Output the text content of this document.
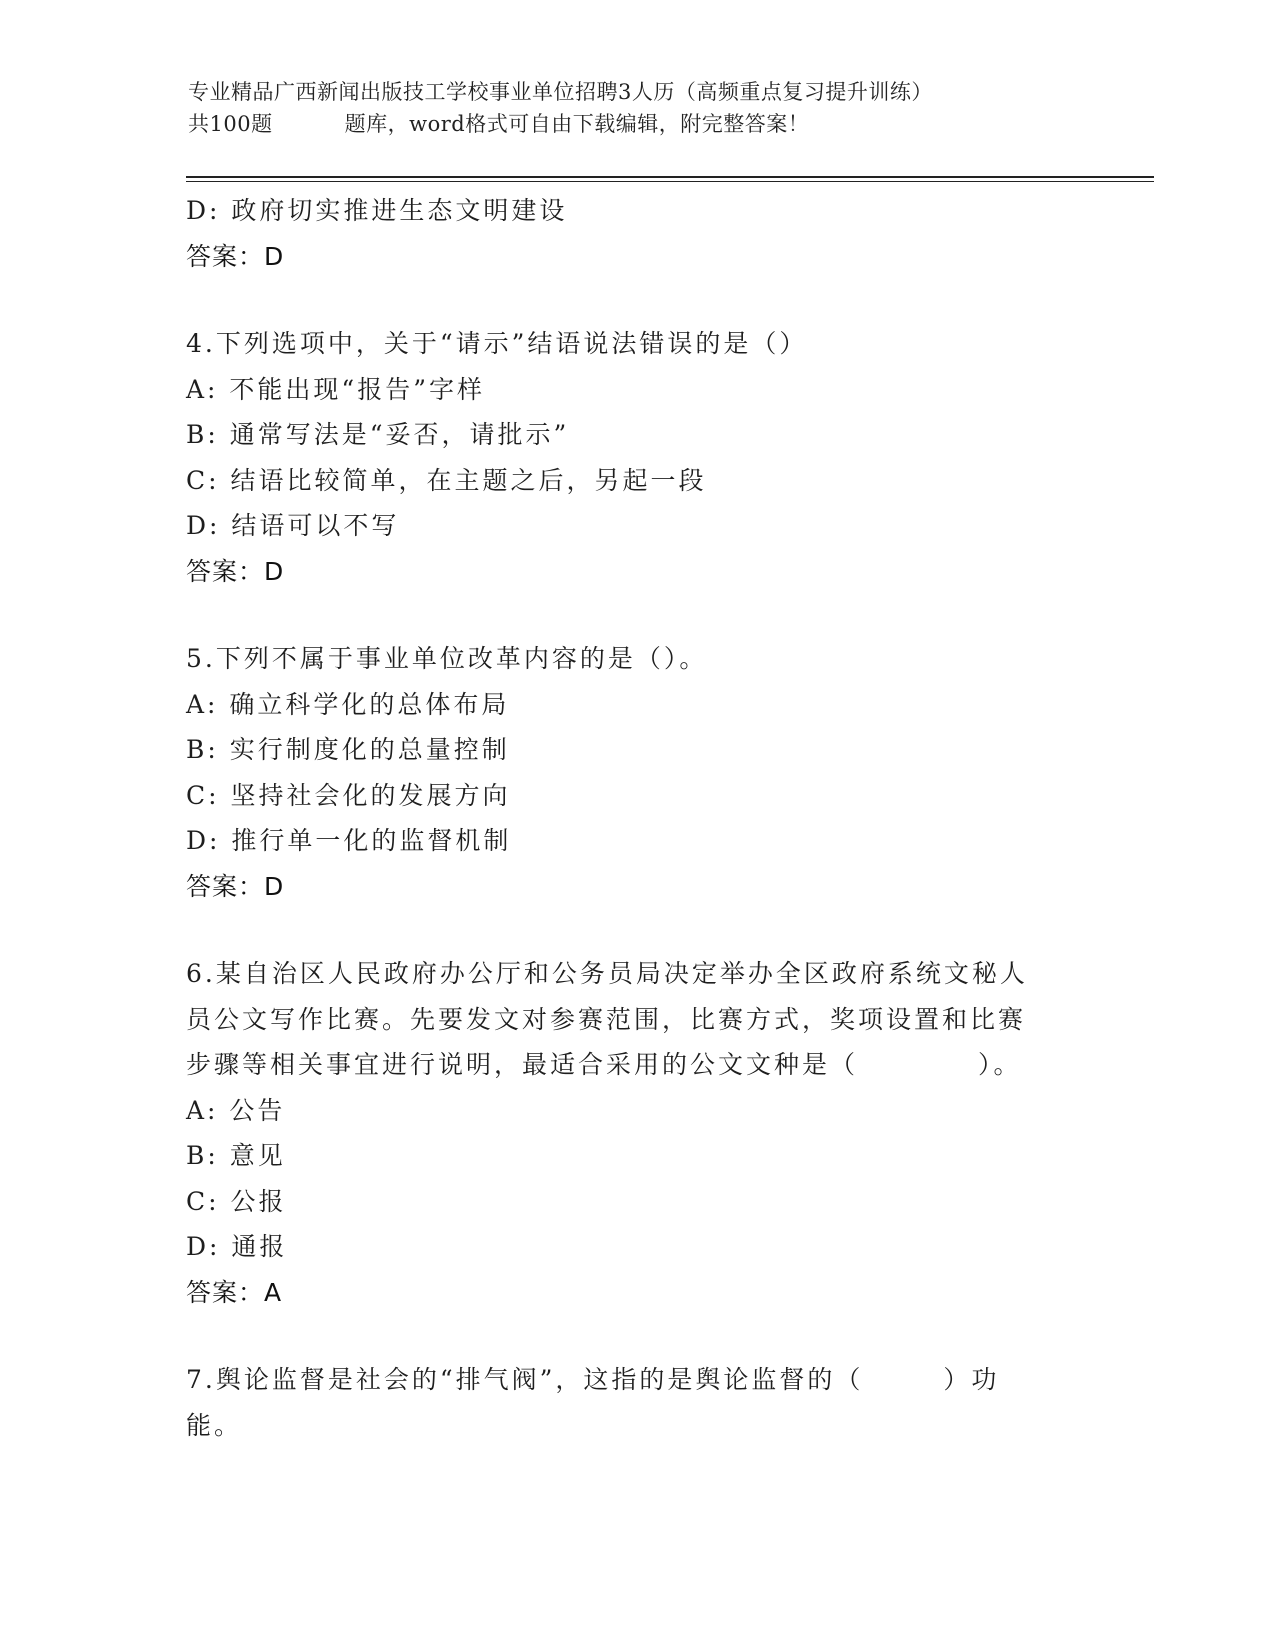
专业精品广西新闻出版技工学校事业单位招聘3人历（高频重点复习提升训练）
共100题	题库，word格式可自由下载编辑，附完整答案！
D: 政府切实推进生态文明建设
答案：D
4.下列选项中，关于“请示”结语说法错误的是（）
A: 不能出现“报告”字样
B: 通常写法是“妥否，请批示”
C: 结语比较简单，在主题之后，另起一段
D: 结语可以不写
答案：D
5.下列不属于事业单位改革内容的是（）。
A: 确立科学化的总体布局
B: 实行制度化的总量控制
C: 坚持社会化的发展方向
D: 推行单一化的监督机制
答案：D
6.某自治区人民政府办公厅和公务员局决定举办全区政府系统文秘人
员公文写作比赛。先要发文对参赛范围，比赛方式，奖项设置和比赛
步骤等相关事宜进行说明，最适合采用的公文文种是（	）。
A: 公告
B: 意见
C: 公报
D: 通报
答案：A
7.舆论监督是社会的“排气阀”，这指的是舆论监督的（	）功
能。
